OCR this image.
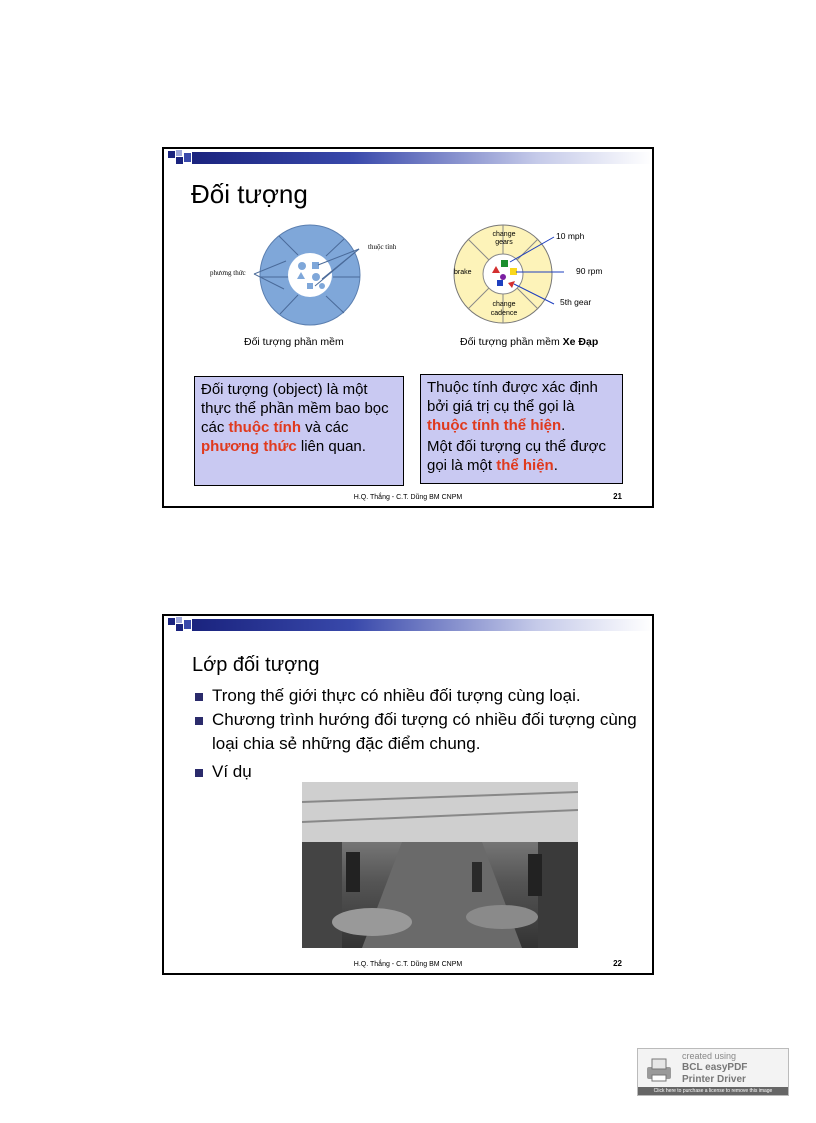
Đối tượng
phương thức
thuộc tính
Đối tượng phần mềm
change gears
brake
change cadence
10 mph
90 rpm
5th gear
Đối tượng phần mềm Xe Đạp
Đối tượng (object) là một thực thể phần mềm bao bọc các thuộc tính và các phương thức liên quan.
Thuộc tính được xác định bởi giá trị cụ thể gọi là thuộc tính thể hiện.
Một đối tượng cụ thể được gọi là một thể hiện.
H.Q. Thắng - C.T. Dũng BM CNPM	21
Lớp đối tượng
Trong thế giới thực có nhiều đối tượng cùng loại.
Chương trình hướng đối tượng có nhiều đối tượng cùng loại chia sẻ những đặc điểm chung.
Ví dụ
H.Q. Thắng - C.T. Dũng BM CNPM	22
created using
BCL easyPDF
Printer Driver
Click here to purchase a license to remove this image
